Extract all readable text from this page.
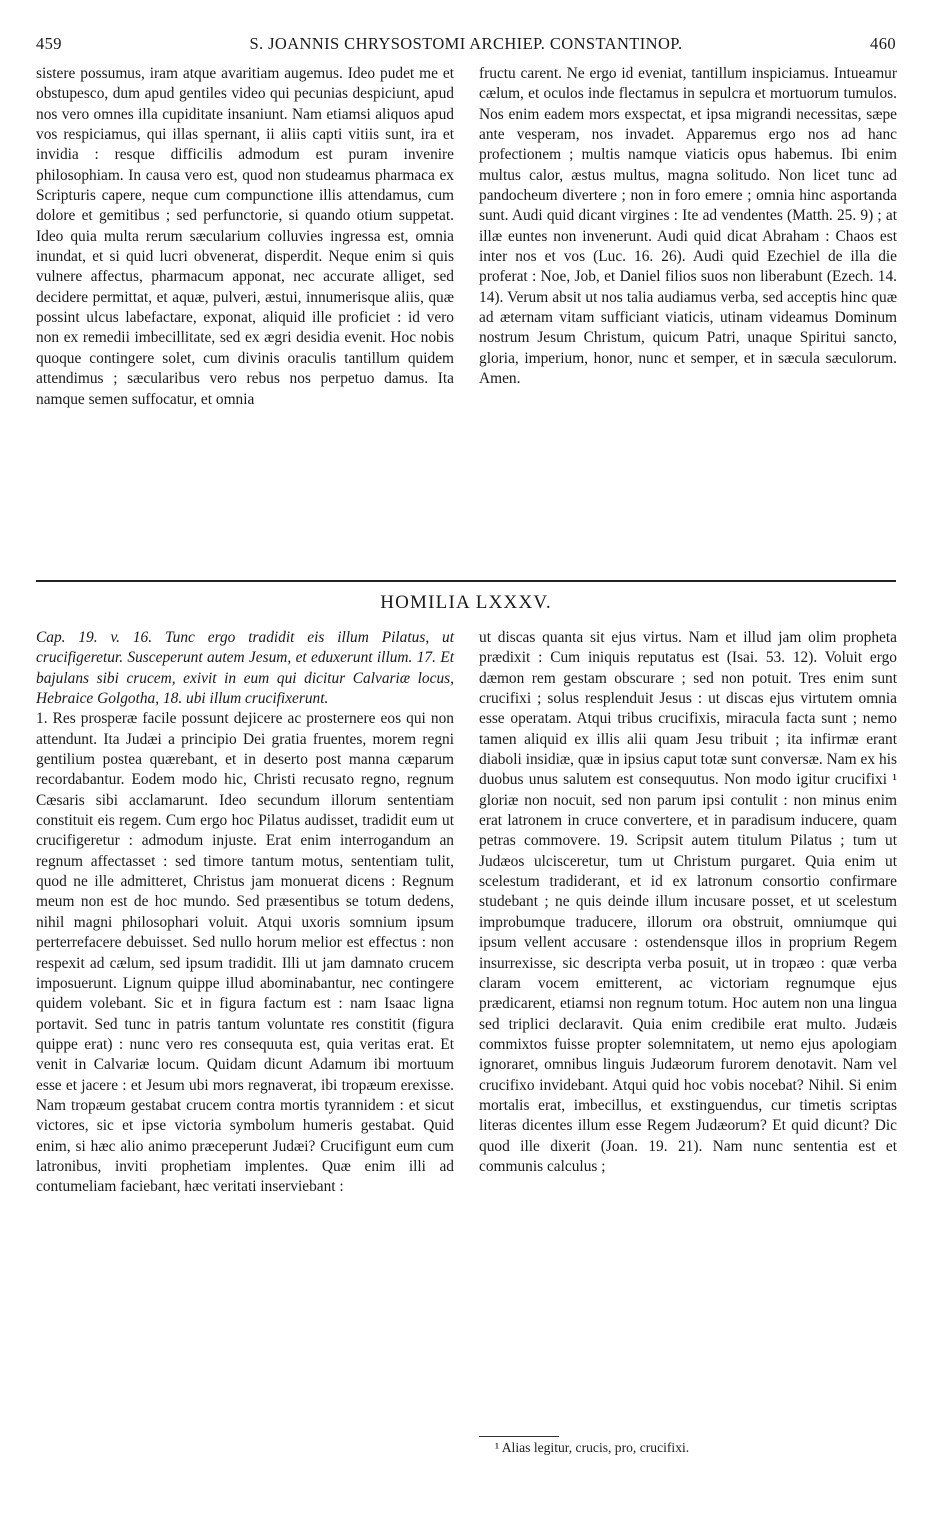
459	S. JOANNIS CHRYSOSTOMI ARCHIEP. CONSTANTINOP.	460

sistere possumus, iram atque avaritiam augemus. Ideo pudet me et obstupesco, dum apud gentiles video qui pecunias despiciunt, apud nos vero omnes illa cupiditate insaniunt. Nam etiamsi aliquos apud vos respiciamus, qui illas spernant, ii aliis capti vitiis sunt, ira et invidia : resque difficilis admodum est puram invenire philosophiam. In causa vero est, quod non studeamus pharmaca ex Scripturis capere, neque cum compunctione illis attendamus, cum dolore et gemitibus ; sed perfunctorie, si quando otium suppetat. Ideo quia multa rerum sæcularium colluvies ingressa est, omnia inundat, et si quid lucri obvenerat, disperdit. Neque enim si quis vulnere affectus, pharmacum apponat, nec accurate alliget, sed decidere permittat, et aquæ, pulveri, æstui, innumerisque aliis, quæ possint ulcus labefactare, exponat, aliquid ille proficiet : id vero non ex remedii imbecillitate, sed ex ægri desidia evenit. Hoc nobis quoque contingere solet, cum divinis oraculis tantillum quidem attendimus ; sæcularibus vero rebus nos perpetuo damus. Ita namque semen suffocatur, et omnia

fructu carent. Ne ergo id eveniat, tantillum inspiciamus. Intueamur cælum, et oculos inde flectamus in sepulcra et mortuorum tumulos. Nos enim eadem mors exspectat, et ipsa migrandi necessitas, sæpe ante vesperam, nos invadet. Apparemus ergo nos ad hanc profectionem ; multis namque viaticis opus habemus. Ibi enim multus calor, æstus multus, magna solitudo. Non licet tunc ad pandocheum divertere ; non in foro emere ; omnia hinc asportanda sunt. Audi quid dicant virgines : Ite ad vendentes (Matth. 25. 9) ; at illæ euntes non invenerunt. Audi quid dicat Abraham : Chaos est inter nos et vos (Luc. 16. 26). Audi quid Ezechiel de illa die proferat : Noe, Job, et Daniel filios suos non liberabunt (Ezech. 14. 14). Verum absit ut nos talia audiamus verba, sed acceptis hinc quæ ad æternam vitam sufficiant viaticis, utinam videamus Dominum nostrum Jesum Christum, quicum Patri, unaque Spiritui sancto, gloria, imperium, honor, nunc et semper, et in sæcula sæculorum. Amen.

HOMILIA LXXXV.

Cap. 19. v. 16. Tunc ergo tradidit eis illum Pilatus, ut crucifigeretur. Susceperunt autem Jesum, et eduxerunt illum. 17. Et bajulans sibi crucem, exivit in eum qui dicitur Calvariæ locus, Hebraice Golgotha, 18. ubi illum crucifixerunt.

1. Res prosperæ facile possunt dejicere ac prosternere eos qui non attendunt. Ita Judæi a principio Dei gratia fruentes, morem regni gentilium postea quærebant, et in deserto post manna cæparum recordabantur. Eodem modo hic, Christi recusato regno, regnum Cæsaris sibi acclamarunt. Ideo secundum illorum sententiam constituit eis regem. Cum ergo hoc Pilatus audisset, tradidit eum ut crucifigeretur : admodum injuste. Erat enim interrogandum an regnum affectasset : sed timore tantum motus, sententiam tulit, quod ne ille admitteret, Christus jam monuerat dicens : Regnum meum non est de hoc mundo. Sed præsentibus se totum dedens, nihil magni philosophari voluit. Atqui uxoris somnium ipsum perterrefacere debuisset. Sed nullo horum melior est effectus : non respexit ad cælum, sed ipsum tradidit. Illi ut jam damnato crucem imposuerunt. Lignum quippe illud abominabantur, nec contingere quidem volebant. Sic et in figura factum est : nam Isaac ligna portavit. Sed tunc in patris tantum voluntate res constitit (figura quippe erat) : nunc vero res consequuta est, quia veritas erat. Et venit in Calvariæ locum. Quidam dicunt Adamum ibi mortuum esse et jacere : et Jesum ubi mors regnaverat, ibi tropæum erexisse. Nam tropæum gestabat crucem contra mortis tyrannidem : et sicut victores, sic et ipse victoria symbolum humeris gestabat. Quid enim, si hæc alio animo præceperunt Judæi? Crucifigunt eum cum latronibus, inviti prophetiam implentes. Quæ enim illi ad contumeliam faciebant, hæc veritati inserviebant :

ut discas quanta sit ejus virtus. Nam et illud jam olim propheta prædixit : Cum iniquis reputatus est (Isai. 53. 12). Voluit ergo dæmon rem gestam obscurare ; sed non potuit. Tres enim sunt crucifixi ; solus resplenduit Jesus : ut discas ejus virtutem omnia esse operatam. Atqui tribus crucifixis, miracula facta sunt ; nemo tamen aliquid ex illis alii quam Jesu tribuit ; ita infirmæ erant diaboli insidiæ, quæ in ipsius caput totæ sunt conversæ. Nam ex his duobus unus salutem est consequutus. Non modo igitur crucifixi ¹ gloriæ non nocuit, sed non parum ipsi contulit : non minus enim erat latronem in cruce convertere, et in paradisum inducere, quam petras commovere. 19. Scripsit autem titulum Pilatus ; tum ut Judæos ulcisceretur, tum ut Christum purgaret. Quia enim ut scelestum tradiderant, et id ex latronum consortio confirmare studebant ; ne quis deinde illum incusare posset, et ut scelestum improbumque traducere, illorum ora obstruit, omniumque qui ipsum vellent accusare : ostendensque illos in proprium Regem insurrexisse, sic descripta verba posuit, ut in tropæo : quæ verba claram vocem emitterent, ac victoriam regnumque ejus prædicarent, etiamsi non regnum totum. Hoc autem non una lingua sed triplici declaravit. Quia enim credibile erat multo. Judæis commixtos fuisse propter solemnitatem, ut nemo ejus apologiam ignoraret, omnibus linguis Judæorum furorem denotavit. Nam vel crucifixo invidebant. Atqui quid hoc vobis nocebat? Nihil. Si enim mortalis erat, imbecillus, et exstinguendus, cur timetis scriptas literas dicentes illum esse Regem Judæorum? Et quid dicunt? Dic quod ille dixerit (Joan. 19. 21). Nam nunc sententia est et communis calculus ;

¹ Alias legitur, crucis, pro, crucifixi.
